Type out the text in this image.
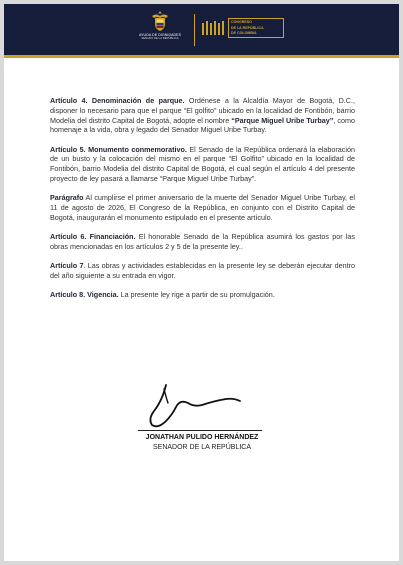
AYUDA DE DIGNIDADES
SENADO DE LA REPÚBLICA
CONGRESO
DE LA REPÚBLICA
DE COLOMBIA

Artículo 4. Denominación de parque. Ordénese a la Alcaldía Mayor de Bogotá, D.C., disponer lo necesario para que el parque “El golfito” ubicado en la localidad de Fontibón, barrio Modelia del distrito Capital de Bogotá, adopte el nombre “Parque Miguel Uribe Turbay”, como homenaje a la vida, obra y legado del Senador Miguel Uribe Turbay.

Artículo 5. Monumento conmemorativo. El Senado de la República ordenará la elaboración de un busto y la colocación del mismo en el parque “El Golfito” ubicado en la localidad de Fontibón, barrio Modelia del distrito Capital de Bogotá, el cual según el artículo 4 del presente proyecto de ley pasará a llamarse “Parque Miguel Uribe Turbay”.

Parágrafo Al cumplirse el primer aniversario de la muerte del Senador Miguel Uribe Turbay, el 11 de agosto de 2026, El Congreso de la República, en conjunto con el Distrito Capital de Bogotá, inaugurarán el monumento estipulado en el presente artículo.

Artículo 6. Financiación. El honorable Senado de la República asumirá los gastos por las obras mencionadas en los artículos 2 y 5 de la presente ley..

Artículo 7. Las obras y actividades establecidas en la presente ley se deberán ejecutar dentro del año siguiente a su entrada en vigor.

Artículo 8. Vigencia. La presente ley rige a partir de su promulgación.

JONATHAN PULIDO HERNÁNDEZ
SENADOR DE LA REPÚBLICA
